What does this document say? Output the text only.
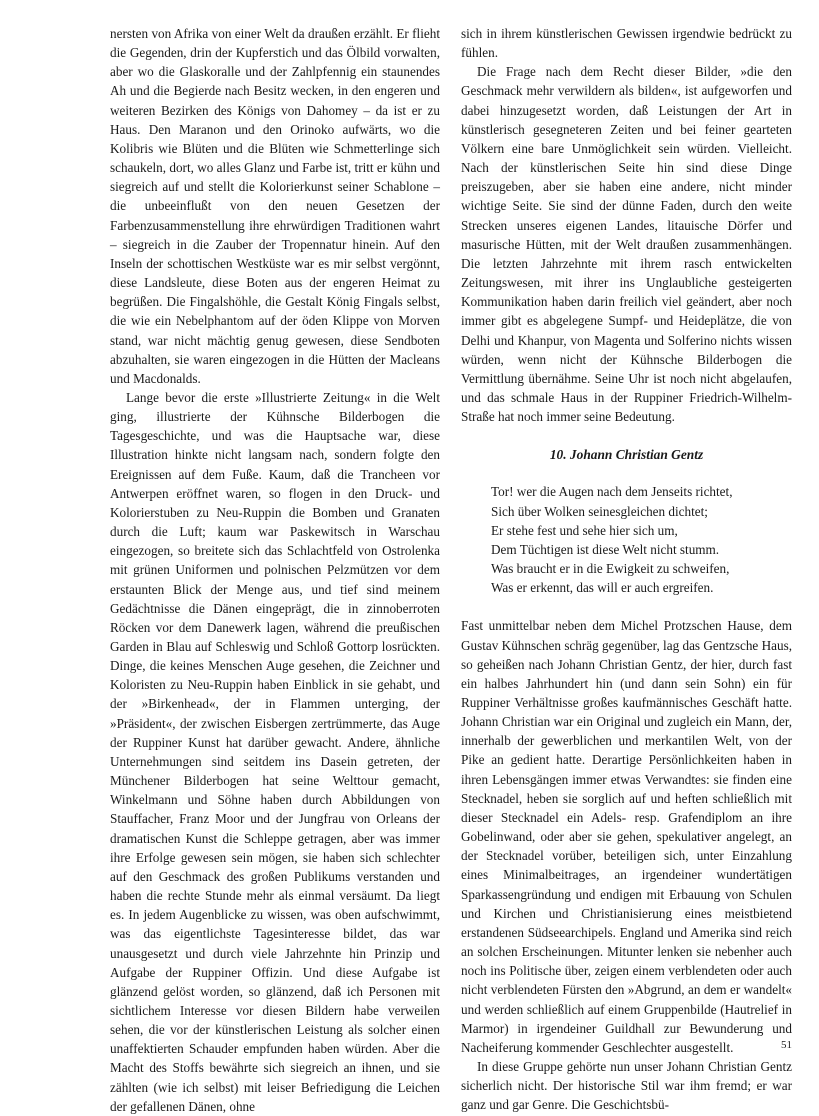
nersten von Afrika von einer Welt da draußen erzählt. Er flieht die Gegenden, drin der Kupferstich und das Ölbild vorwalten, aber wo die Glaskoralle und der Zahlpfennig ein staunendes Ah und die Begierde nach Besitz wecken, in den engeren und weiteren Bezirken des Königs von Dahomey – da ist er zu Haus. Den Maranon und den Orinoko aufwärts, wo die Kolibris wie Blüten und die Blüten wie Schmetterlinge sich schaukeln, dort, wo alles Glanz und Farbe ist, tritt er kühn und siegreich auf und stellt die Kolorierkunst seiner Schablone – die unbeeinflußt von den neuen Gesetzen der Farbenzusammenstellung ihre ehrwürdigen Traditionen wahrt – siegreich in die Zauber der Tropennatur hinein. Auf den Inseln der schottischen Westküste war es mir selbst vergönnt, diese Landsleute, diese Boten aus der engeren Heimat zu begrüßen. Die Fingalshöhle, die Gestalt König Fingals selbst, die wie ein Nebelphantom auf der öden Klippe von Morven stand, war nicht mächtig genug gewesen, diese Sendboten abzuhalten, sie waren eingezogen in die Hütten der Macleans und Macdonalds.

Lange bevor die erste »Illustrierte Zeitung« in die Welt ging, illustrierte der Kühnsche Bilderbogen die Tagesgeschichte, und was die Hauptsache war, diese Illustration hinkte nicht langsam nach, sondern folgte den Ereignissen auf dem Fuße. Kaum, daß die Trancheen vor Antwerpen eröffnet waren, so flogen in den Druck- und Kolorierstuben zu Neu-Ruppin die Bomben und Granaten durch die Luft; kaum war Paskewitsch in Warschau eingezogen, so breitete sich das Schlachtfeld von Ostrolenka mit grünen Uniformen und polnischen Pelzmützen vor dem erstaunten Blick der Menge aus, und tief sind meinem Gedächtnisse die Dänen eingeprägt, die in zinnoberroten Röcken vor dem Danewerk lagen, während die preußischen Garden in Blau auf Schleswig und Schloß Gottorp losrückten. Dinge, die keines Menschen Auge gesehen, die Zeichner und Koloristen zu Neu-Ruppin haben Einblick in sie gehabt, und der »Birkenhead«, der in Flammen unterging, der »Präsident«, der zwischen Eisbergen zertrümmerte, das Auge der Ruppiner Kunst hat darüber gewacht. Andere, ähnliche Unternehmungen sind seitdem ins Dasein getreten, der Münchener Bilderbogen hat seine Welttour gemacht, Winkelmann und Söhne haben durch Abbildungen von Stauffacher, Franz Moor und der Jungfrau von Orleans der dramatischen Kunst die Schleppe getragen, aber was immer ihre Erfolge gewesen sein mögen, sie haben sich schlechter auf den Geschmack des großen Publikums verstanden und haben die rechte Stunde mehr als einmal versäumt. Da liegt es. In jedem Augenblicke zu wissen, was oben aufschwimmt, was das eigentlichste Tagesinteresse bildet, das war unausgesetzt und durch viele Jahrzehnte hin Prinzip und Aufgabe der Ruppiner Offizin. Und diese Aufgabe ist glänzend gelöst worden, so glänzend, daß ich Personen mit sichtlichem Interesse vor diesen Bildern habe verweilen sehen, die vor der künstlerischen Leistung als solcher einen unaffektierten Schauder empfunden haben würden. Aber die Macht des Stoffs bewährte sich siegreich an ihnen, und sie zählten (wie ich selbst) mit leiser Befriedigung die Leichen der gefallenen Dänen, ohne

sich in ihrem künstlerischen Gewissen irgendwie bedrückt zu fühlen.

Die Frage nach dem Recht dieser Bilder, »die den Geschmack mehr verwildern als bilden«, ist aufgeworfen und dabei hinzugesetzt worden, daß Leistungen der Art in künstlerisch gesegneteren Zeiten und bei feiner gearteten Völkern eine bare Unmöglichkeit sein würden. Vielleicht. Nach der künstlerischen Seite hin sind diese Dinge preiszugeben, aber sie haben eine andere, nicht minder wichtige Seite. Sie sind der dünne Faden, durch den weite Strecken unseres eigenen Landes, litauische Dörfer und masurische Hütten, mit der Welt draußen zusammenhängen. Die letzten Jahrzehnte mit ihrem rasch entwickelten Zeitungswesen, mit ihrer ins Unglaubliche gesteigerten Kommunikation haben darin freilich viel geändert, aber noch immer gibt es abgelegene Sumpf- und Heideplätze, die von Delhi und Khanpur, von Magenta und Solferino nichts wissen würden, wenn nicht der Kühnsche Bilderbogen die Vermittlung übernähme. Seine Uhr ist noch nicht abgelaufen, und das schmale Haus in der Ruppiner Friedrich-Wilhelm-Straße hat noch immer seine Bedeutung.

10. Johann Christian Gentz
Tor! wer die Augen nach dem Jenseits richtet,
Sich über Wolken seinesgleichen dichtet;
Er stehe fest und sehe hier sich um,
Dem Tüchtigen ist diese Welt nicht stumm.
Was braucht er in die Ewigkeit zu schweifen,
Was er erkennt, das will er auch ergreifen.

Fast unmittelbar neben dem Michel Protzschen Hause, dem Gustav Kühnschen schräg gegenüber, lag das Gentzsche Haus, so geheißen nach Johann Christian Gentz, der hier, durch fast ein halbes Jahrhundert hin (und dann sein Sohn) ein für Ruppiner Verhältnisse großes kaufmännisches Geschäft hatte. Johann Christian war ein Original und zugleich ein Mann, der, innerhalb der gewerblichen und merkantilen Welt, von der Pike an gedient hatte. Derartige Persönlichkeiten haben in ihren Lebensgängen immer etwas Verwandtes: sie finden eine Stecknadel, heben sie sorglich auf und heften schließlich mit dieser Stecknadel ein Adels- resp. Grafendiplom an ihre Gobelinwand, oder aber sie gehen, spekulativer angelegt, an der Stecknadel vorüber, beteiligen sich, unter Einzahlung eines Minimalbeitrages, an irgendeiner wundertätigen Sparkassengründung und endigen mit Erbauung von Schulen und Kirchen und Christianisierung eines meistbietend erstandenen Südseearchipels. England und Amerika sind reich an solchen Erscheinungen. Mitunter lenken sie nebenher auch noch ins Politische über, zeigen einem verblendeten oder auch nicht verblendeten Fürsten den »Abgrund, an dem er wandelt« und werden schließlich auf einem Gruppenbilde (Hautrelief in Marmor) in irgendeiner Guildhall zur Bewunderung und Nacheiferung kommender Geschlechter ausgestellt.

In diese Gruppe gehörte nun unser Johann Christian Gentz sicherlich nicht. Der historische Stil war ihm fremd; er war ganz und gar Genre. Die Geschichtsbü-

51
